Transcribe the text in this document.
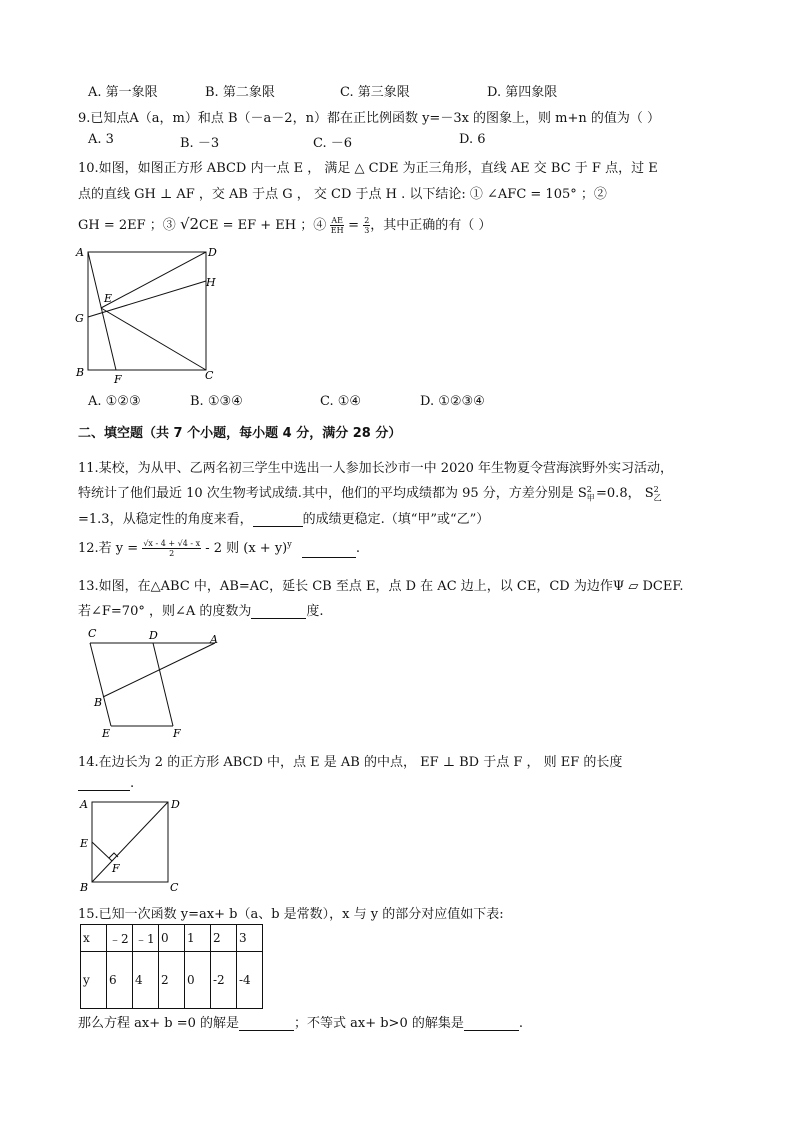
A. 第一象限	B. 第二象限	C. 第三象限	D. 第四象限
9.已知点A（a，m）和点 B（－a－2，n）都在正比例函数 y=－3x 的图象上，则 m+n 的值为（ ）
A. 3	B. －3	C. －6	D. 6
10.如图，如图正方形 ABCD 内一点 E ， 满足 △ CDE 为正三角形，直线 AE 交 BC 于 F 点，过 E
点的直线 GH ⊥ AF ，交 AB 于点 G ， 交 CD 于点 H . 以下结论: ① ∠AFC = 105° ；②
GH = 2EF ；③ √2CE = EF + EH ；④ $\frac{AE}{EH} = \frac{2}{3}$，其中正确的有（ ）
A	D
H
E
G
B
F	C
A. ①②③	B. ①③④	C. ①④	D. ①②③④
二、填空题（共 7 个小题，每小题 4 分，满分 28 分）
11.某校，为从甲、乙两名初三学生中选出一人参加长沙市一中 2020 年生物夏令营海滨野外实习活动，
特统计了他们最近 10 次生物考试成绩.其中，他们的平均成绩都为 95 分，方差分别是 $S_甲^2 =0.8$， $S_乙^2$
=1.3，从稳定性的角度来看，	的成绩更稳定.（填“甲”或“乙”）
12.若 $y = \frac{√x - 4 + √4 - x}{2} - 2$ 则 $(x + y)^y$	.
13.如图，在△ABC 中，AB=AC，延长 CB 至点 E，点 D 在 AC 边上，以 CE，CD 为边作Ψ ▱ DCEF.
若∠F=70° ，则∠A 的度数为	度.
C	D	A
B
E	F
14.在边长为 2 的正方形 ABCD 中，点 E 是 AB 的中点， EF ⊥ BD 于点 F ， 则 EF 的长度
.
A	D
E
F
B	C
15.已知一次函数 y=ax+ b（a、b 是常数），x 与 y 的部分对应值如下表:
x	﹣2	﹣1	0	1	2	3
y	6	4	2	0	-2	-4
那么方程 ax+ b =0 的解是	；不等式 ax+ b>0 的解集是	.
